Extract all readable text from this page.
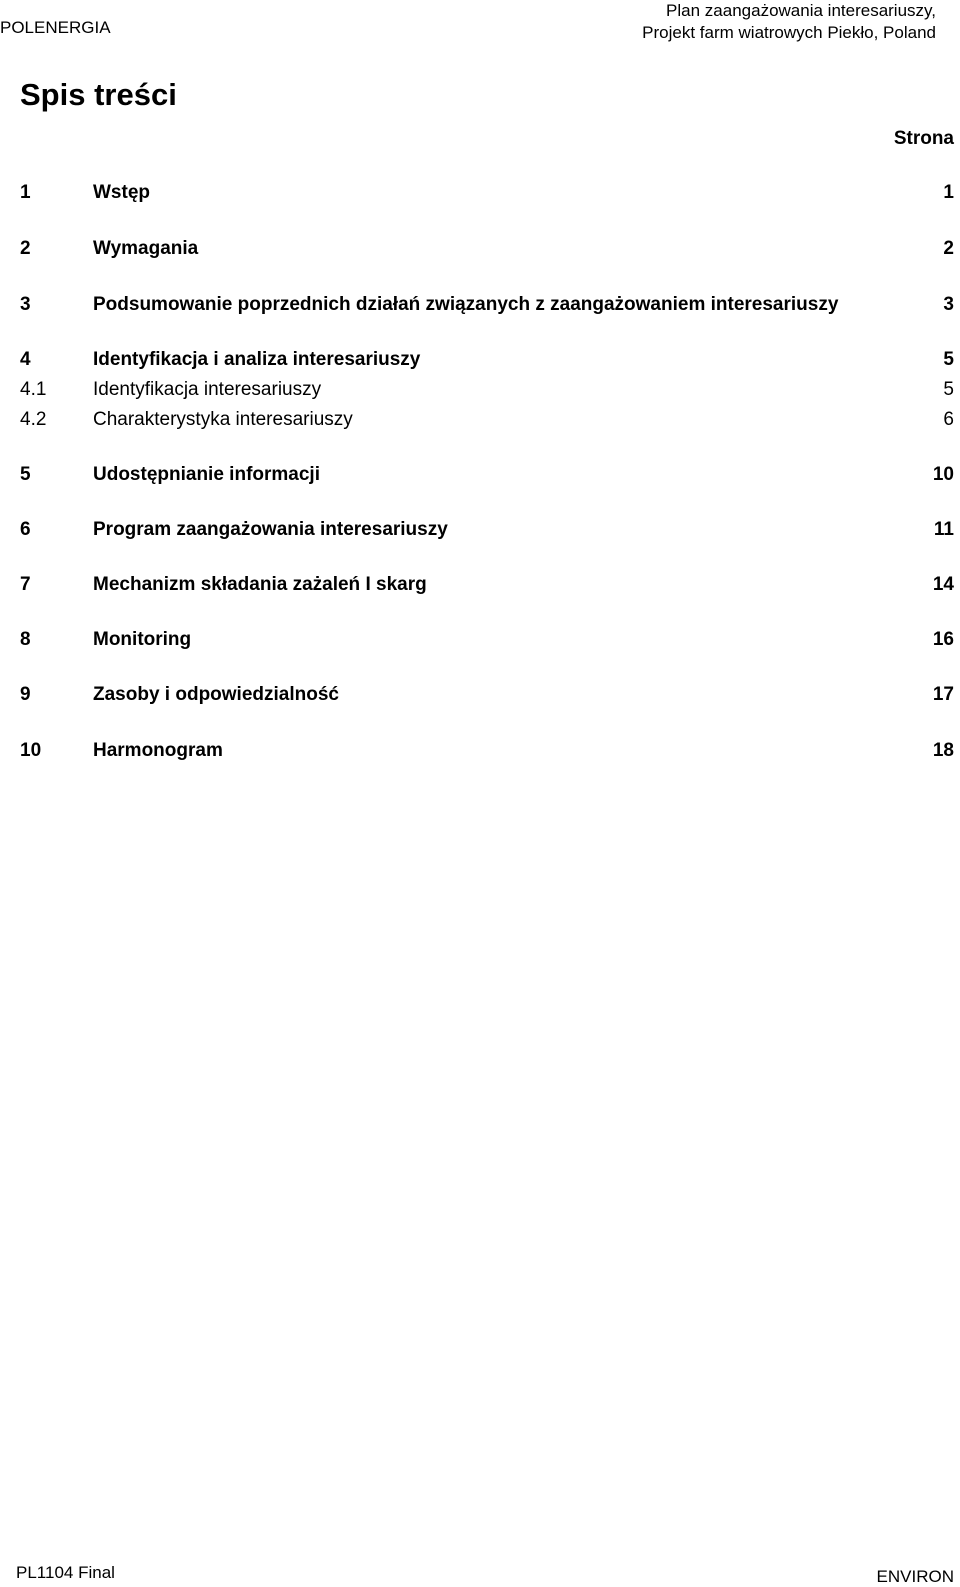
POLENERGIA
Plan zaangażowania interesariuszy,
Projekt farm wiatrowych Piekło, Poland
Spis treści
Strona
1	Wstęp	1
2	Wymagania	2
3	Podsumowanie poprzednich działań związanych z zaangażowaniem interesariuszy	3
4	Identyfikacja i analiza interesariuszy	5
4.1 Identyfikacja interesariuszy	5
4.2 Charakterystyka interesariuszy	6
5	Udostępnianie informacji	10
6	Program zaangażowania interesariuszy	11
7	Mechanizm składania zażaleń I skarg	14
8	Monitoring	16
9	Zasoby i odpowiedzialność	17
10	Harmonogram	18
PL1104 Final	ENVIRON
